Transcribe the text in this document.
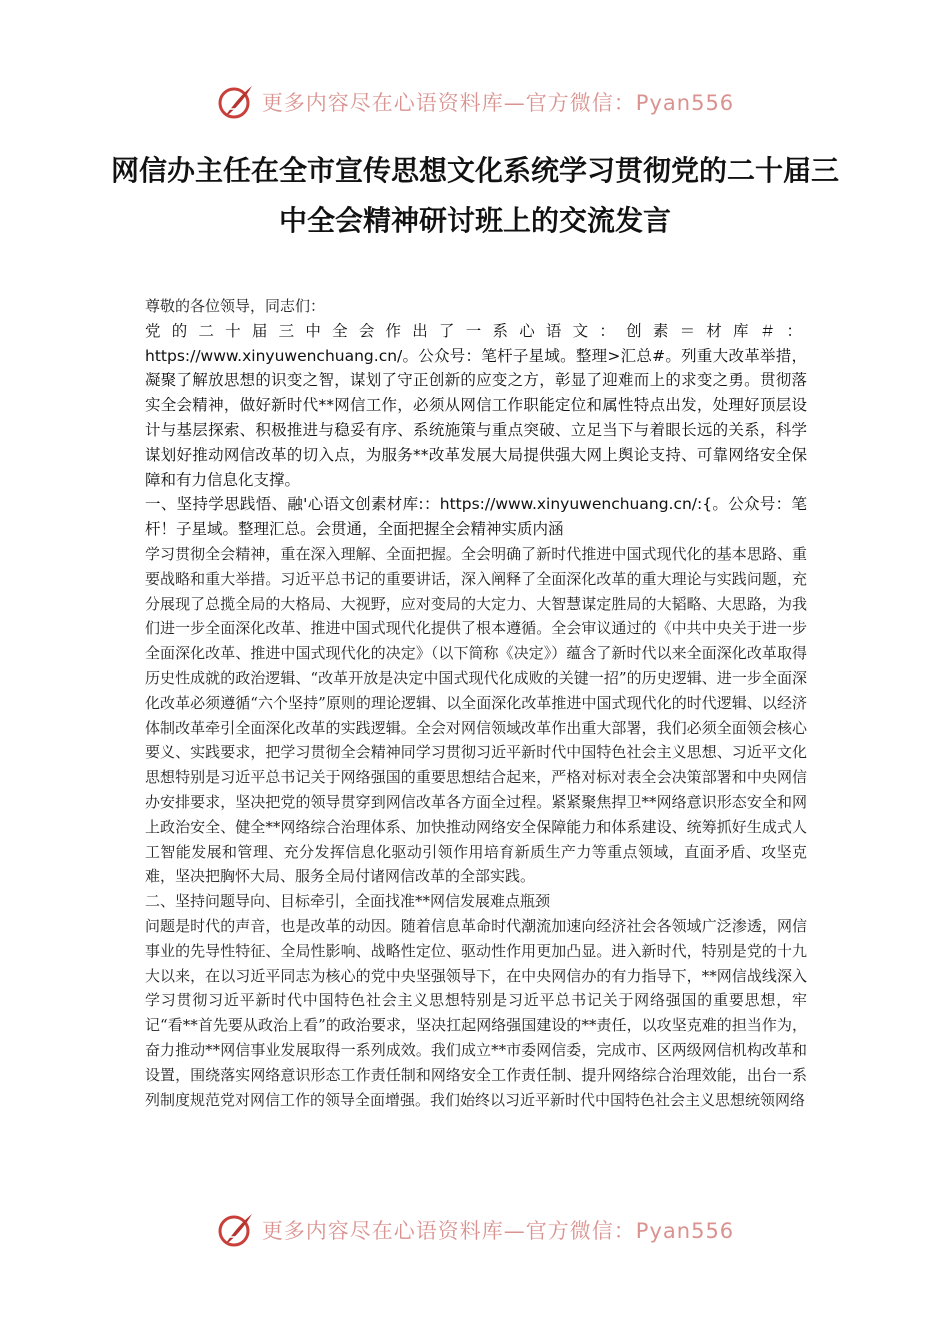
更多内容尽在心语资料库—官方微信：Pyan556
网信办主任在全市宣传思想文化系统学习贯彻党的二十届三中全会精神研讨班上的交流发言

尊敬的各位领导，同志们：

党的二十届三中全会作出了一系心语文：创素＝材库＃：https://www.xinyuwenchuang.cn/。公众号：笔杆子星域。整理>汇总#。列重大改革举措，凝聚了解放思想的识变之智，谋划了守正创新的应变之方，彰显了迎难而上的求变之勇。贯彻落实全会精神，做好新时代**网信工作，必须从网信工作职能定位和属性特点出发，处理好顶层设计与基层探索、积极推进与稳妥有序、系统施策与重点突破、立足当下与着眼长远的关系，科学谋划好推动网信改革的切入点，为服务**改革发展大局提供强大网上舆论支持、可靠网络安全保障和有力信息化支撑。

一、坚持学思践悟、融'心语文创素材库:：https://www.xinyuwenchuang.cn/:{。公众号：笔杆！子星域。整理汇总。会贯通，全面把握全会精神实质内涵

学习贯彻全会精神，重在深入理解、全面把握。全会明确了新时代推进中国式现代化的基本思路、重要战略和重大举措。习近平总书记的重要讲话，深入阐释了全面深化改革的重大理论与实践问题，充分展现了总揽全局的大格局、大视野，应对变局的大定力、大智慧谋定胜局的大韬略、大思路，为我们进一步全面深化改革、推进中国式现代化提供了根本遵循。全会审议通过的《中共中央关于进一步全面深化改革、推进中国式现代化的决定》（以下简称《决定》）蕴含了新时代以来全面深化改革取得历史性成就的政治逻辑、“改革开放是决定中国式现代化成败的关键一招”的历史逻辑、进一步全面深化改革必须遵循“六个坚持”原则的理论逻辑、以全面深化改革推进中国式现代化的时代逻辑、以经济体制改革牵引全面深化改革的实践逻辑。全会对网信领域改革作出重大部署，我们必须全面领会核心要义、实践要求，把学习贯彻全会精神同学习贯彻习近平新时代中国特色社会主义思想、习近平文化思想特别是习近平总书记关于网络强国的重要思想结合起来，严格对标对表全会决策部署和中央网信办安排要求，坚决把党的领导贯穿到网信改革各方面全过程。紧紧聚焦捍卫**网络意识形态安全和网上政治安全、健全**网络综合治理体系、加快推动网络安全保障能力和体系建设、统筹抓好生成式人工智能发展和管理、充分发挥信息化驱动引领作用培育新质生产力等重点领域，直面矛盾、攻坚克难，坚决把胸怀大局、服务全局付诸网信改革的全部实践。

二、坚持问题导向、目标牵引，全面找准**网信发展难点瓶颈

问题是时代的声音，也是改革的动因。随着信息革命时代潮流加速向经济社会各领域广泛渗透，网信事业的先导性特征、全局性影响、战略性定位、驱动性作用更加凸显。进入新时代，特别是党的十九大以来，在以习近平同志为核心的党中央坚强领导下，在中央网信办的有力指导下，**网信战线深入学习贯彻习近平新时代中国特色社会主义思想特别是习近平总书记关于网络强国的重要思想，牢记“看**首先要从政治上看”的政治要求，坚决扛起网络强国建设的**责任，以攻坚克难的担当作为，奋力推动**网信事业发展取得一系列成效。我们成立**市委网信委，完成市、区两级网信机构改革和设置，围绕落实网络意识形态工作责任制和网络安全工作责任制、提升网络综合治理效能，出台一系列制度规范党对网信工作的领导全面增强。我们始终以习近平新时代中国特色社会主义思想统领网络

更多内容尽在心语资料库—官方微信：Pyan556
